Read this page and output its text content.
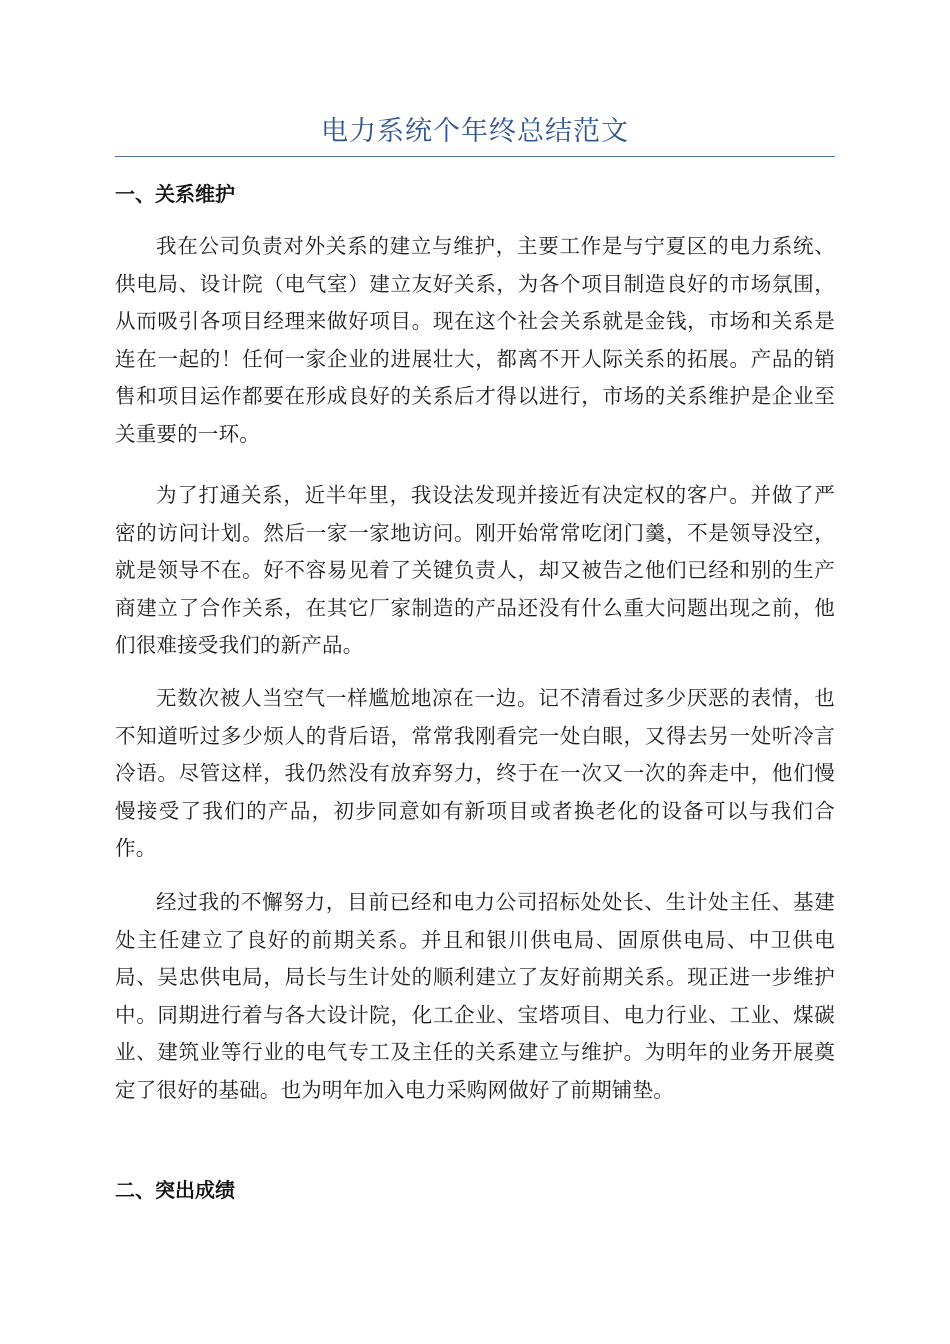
电力系统个年终总结范文
一、关系维护
我在公司负责对外关系的建立与维护，主要工作是与宁夏区的电力系统、供电局、设计院（电气室）建立友好关系，为各个项目制造良好的市场氛围，从而吸引各项目经理来做好项目。现在这个社会关系就是金钱，市场和关系是连在一起的！任何一家企业的进展壮大，都离不开人际关系的拓展。产品的销售和项目运作都要在形成良好的关系后才得以进行，市场的关系维护是企业至关重要的一环。
为了打通关系，近半年里，我设法发现并接近有决定权的客户。并做了严密的访问计划。然后一家一家地访问。刚开始常常吃闭门羹，不是领导没空，就是领导不在。好不容易见着了关键负责人，却又被告之他们已经和别的生产商建立了合作关系，在其它厂家制造的产品还没有什么重大问题出现之前，他们很难接受我们的新产品。
无数次被人当空气一样尴尬地凉在一边。记不清看过多少厌恶的表情，也不知道听过多少烦人的背后语，常常我刚看完一处白眼，又得去另一处听冷言冷语。尽管这样，我仍然没有放弃努力，终于在一次又一次的奔走中，他们慢慢接受了我们的产品，初步同意如有新项目或者换老化的设备可以与我们合作。
经过我的不懈努力，目前已经和电力公司招标处处长、生计处主任、基建处主任建立了良好的前期关系。并且和银川供电局、固原供电局、中卫供电局、吴忠供电局，局长与生计处的顺利建立了友好前期关系。现正进一步维护中。同期进行着与各大设计院，化工企业、宝塔项目、电力行业、工业、煤碳业、建筑业等行业的电气专工及主任的关系建立与维护。为明年的业务开展奠定了很好的基础。也为明年加入电力采购网做好了前期铺垫。
二、突出成绩
